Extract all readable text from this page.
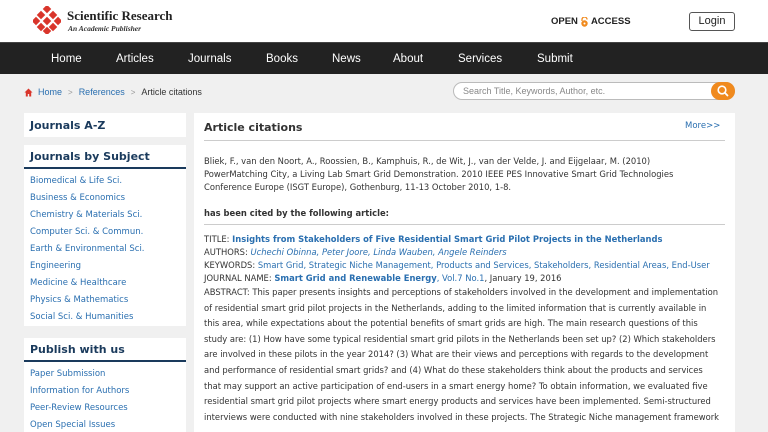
Scientific Research
An Academic Publisher
OPEN ACCESS	Login
Home	Articles	Journals	Books	News	About	Services	Submit
Home > References > Article citations
Search Title, Keywords, Author, etc.
Journals A-Z
Journals by Subject
Biomedical & Life Sci.
Business & Economics
Chemistry & Materials Sci.
Computer Sci. & Commun.
Earth & Environmental Sci.
Engineering
Medicine & Healthcare
Physics & Mathematics
Social Sci. & Humanities
Publish with us
Paper Submission
Information for Authors
Peer-Review Resources
Open Special Issues
Article citations	More>>
Bliek, F., van den Noort, A., Roossien, B., Kamphuis, R., de Wit, J., van der Velde, J. and Eijgelaar, M. (2010)
PowerMatching City, a Living Lab Smart Grid Demonstration. 2010 IEEE PES Innovative Smart Grid Technologies
Conference Europe (ISGT Europe), Gothenburg, 11-13 October 2010, 1-8.
has been cited by the following article:
TITLE: Insights from Stakeholders of Five Residential Smart Grid Pilot Projects in the Netherlands
AUTHORS: Uchechi Obinna, Peter Joore, Linda Wauben, Angele Reinders
KEYWORDS: Smart Grid, Strategic Niche Management, Products and Services, Stakeholders, Residential Areas, End-User
JOURNAL NAME: Smart Grid and Renewable Energy, Vol.7 No.1, January 19, 2016
ABSTRACT: This paper presents insights and perceptions of stakeholders involved in the development and implementation
of residential smart grid pilot projects in the Netherlands, adding to the limited information that is currently available in
this area, while expectations about the potential benefits of smart grids are high. The main research questions of this
study are: (1) How have some typical residential smart grid pilots in the Netherlands been set up? (2) Which stakeholders
are involved in these pilots in the year 2014? (3) What are their views and perceptions with regards to the development
and performance of residential smart grids? and (4) What do these stakeholders think about the products and services
that may support an active participation of end-users in a smart energy home? To obtain information, we evaluated five
residential smart grid pilot projects where smart energy products and services have been implemented. Semi-structured
interviews were conducted with nine stakeholders involved in these projects. The Strategic Niche management framework
